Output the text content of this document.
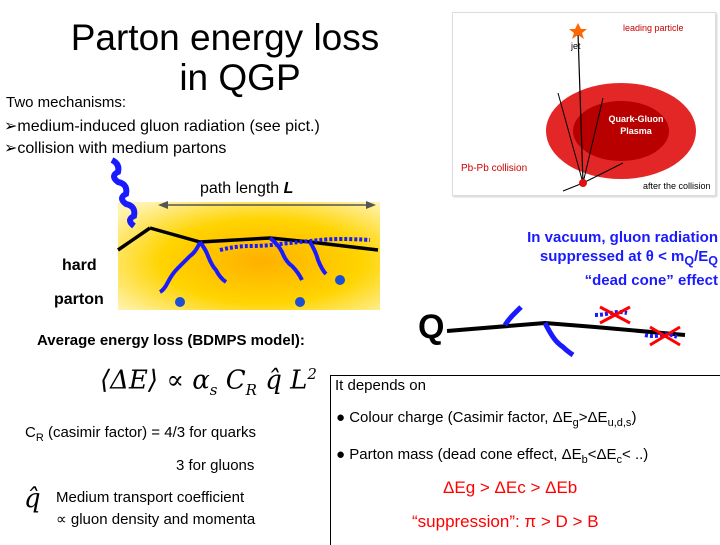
Parton energy loss
in QGP
Two mechanisms:
➢medium-induced gluon radiation (see pict.)
➢collision with medium partons
path length L
hard
parton
Average energy loss (BDMPS model):
leading particle
jet
Quark-Gluon
Plasma
Pb-Pb collision
after the collision
In vacuum, gluon radiation
suppressed at $\theta < m_Q/E_Q$
“dead cone” effect
Q
⟨ΔE⟩ ∝ $\alpha_s$ $C_R$ q̂ $L^2$
$C_R$ (casimir factor) = 4/3 for quarks
3 for gluons
q̂ Medium transport coefficient
∝ gluon density and momenta
It depends on
● Colour charge (Casimir factor, $\Delta E_g>\Delta E_{u,d,s}$)
● Parton mass (dead cone effect, $\Delta E_b<\Delta E_c<$ ..)
ΔEg > ΔEc > ΔEb
“suppression”: π > D > B
